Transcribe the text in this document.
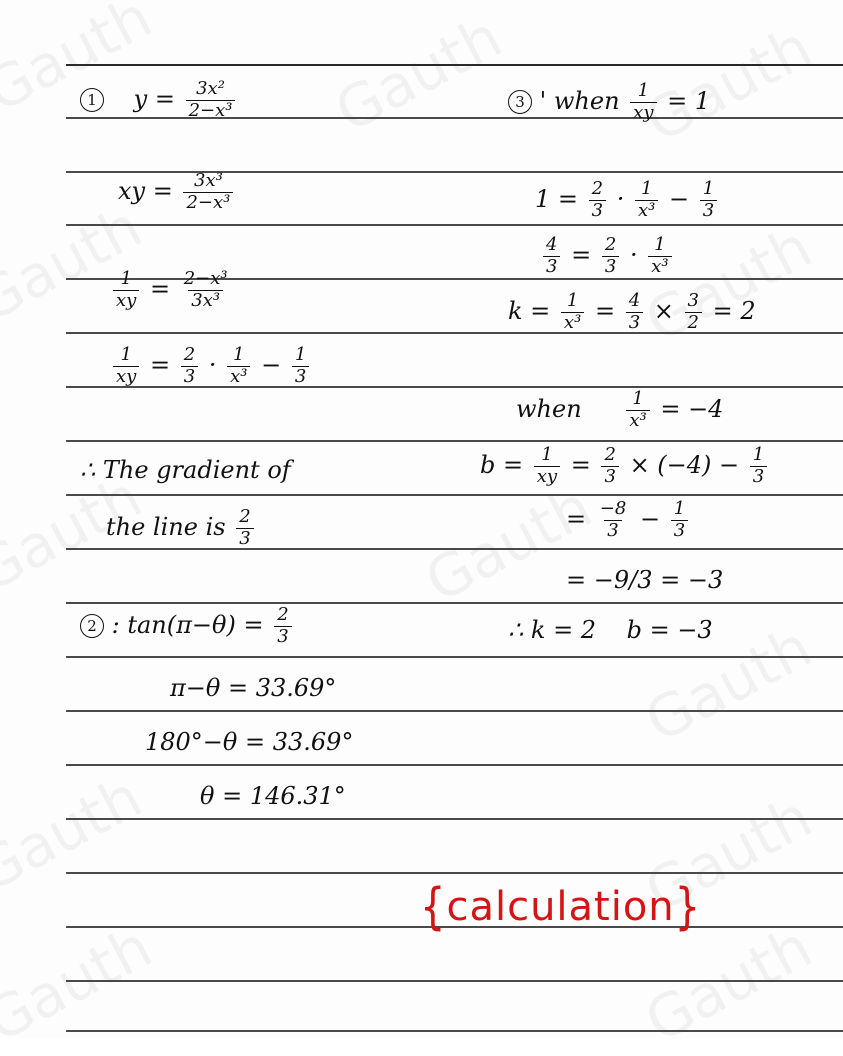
1 $y = \frac{\text{3x²}}{\text{2−x³}}$
xy = $\frac{\text{3x³}}{\text{2−x³}}$
$\frac{1}{xy} = \frac{\text{2−x³}}{\text{3x³}}$
$\frac{1}{xy} = \frac{2}{3} \cdot \frac{1}{\text{x³}} - \frac{1}{3}$
∴ The gradient of
the line is $\frac{2}{3}$
2 : $\tan(\pi-\theta) = \frac{2}{3}$
π−θ = 33.69°
180°−θ = 33.69°
θ = 146.31°
3 ' when $\frac{1}{xy} = 1$
$1 = \frac{2}{3} \cdot \frac{1}{\text{x³}} - \frac{1}{3}$
$\frac{4}{3} = \frac{2}{3} \cdot \frac{1}{\text{x³}}$
$k = \frac{1}{\text{x³}} = \frac{4}{3} \times \frac{3}{2} = 2$
when $\frac{1}{\text{x³}} = -4$
$b = \frac{1}{xy} = \frac{2}{3} \times (-4) - \frac{1}{3}$
= $\frac{-8}{3} - \frac{1}{3}$
= −9/3 = −3
∴ k = 2    b = −3
{calculation}
